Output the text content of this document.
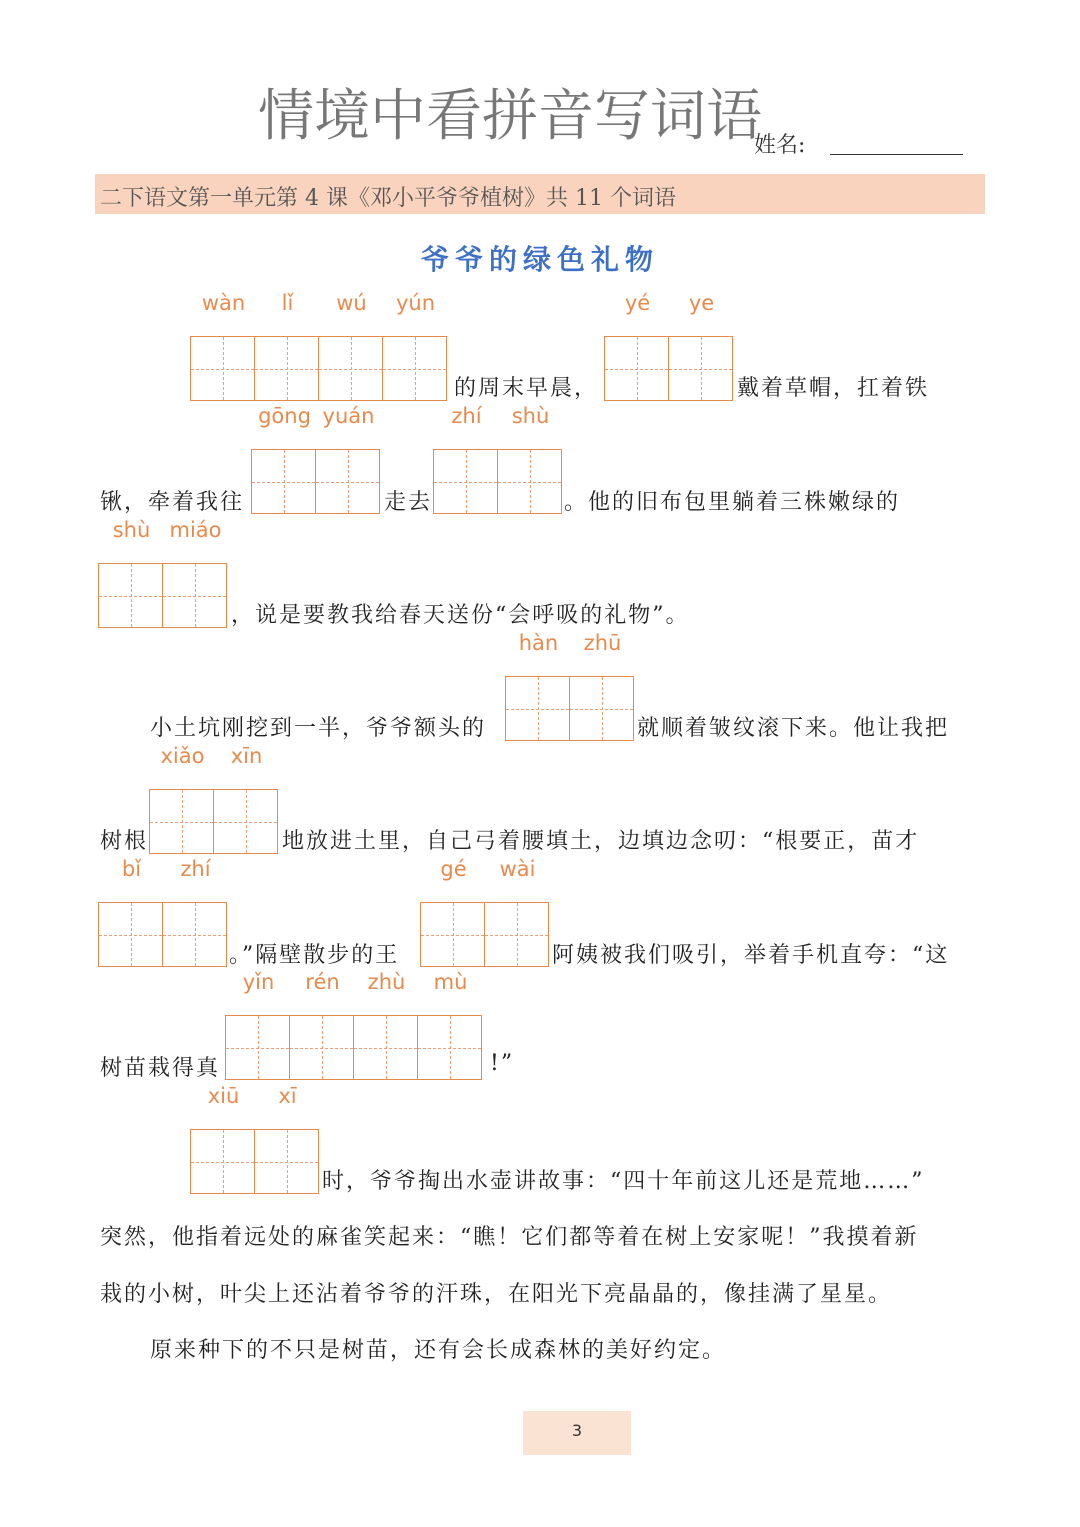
情境中看拼音写词语
姓名:
二下语文第一单元第 4 课《邓小平爷爷植树》共 11 个词语
爷爷的绿色礼物
wàn	lǐ	wú	yún
的周末早晨，
yé	ye
戴着草帽，扛着铁
锹，牵着我往
gōng yuán
走去
zhí	shù
。他的旧布包里躺着三株嫩绿的
shù miáo
，说是要教我给春天送份“会呼吸的礼物”。
小土坑刚挖到一半，爷爷额头的
hàn	zhū
就顺着皱纹滚下来。他让我把
树根
xiǎo	xīn
地放进土里，自己弓着腰填土，边填边念叨：“根要正，苗才
bǐ	zhí
。”隔壁散步的王
gé	wài
阿姨被我们吸引，举着手机直夸：“这
树苗栽得真
yǐn	rén	zhù	mù
!”
xiū	xī
时，爷爷掏出水壶讲故事：“四十年前这儿还是荒地……”
突然，他指着远处的麻雀笑起来：“瞧！它们都等着在树上安家呢！”我摸着新
栽的小树，叶尖上还沾着爷爷的汗珠，在阳光下亮晶晶的，像挂满了星星。
原来种下的不只是树苗，还有会长成森林的美好约定。
3
